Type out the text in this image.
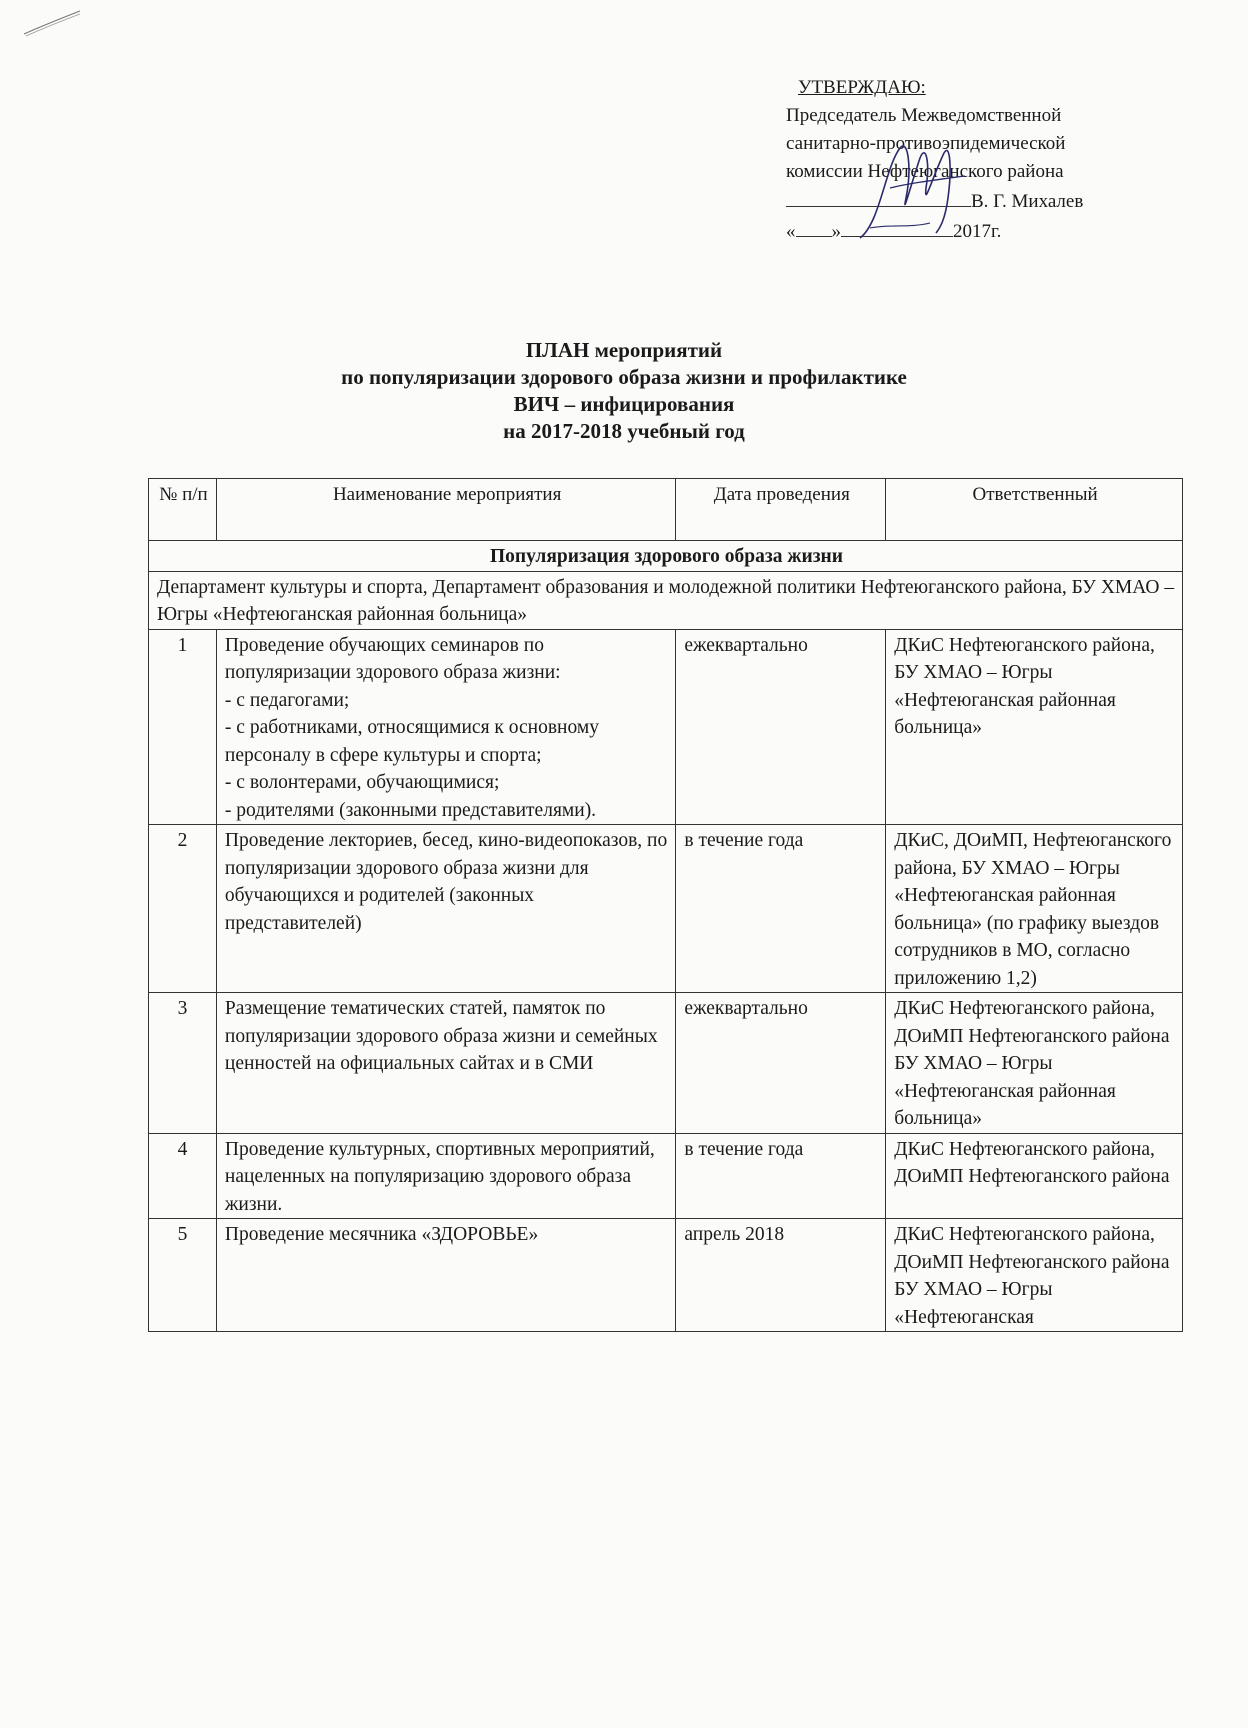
УТВЕРЖДАЮ:
Председатель Межведомственной
санитарно-противоэпидемической
комиссии Нефтеюганского района
В. Г. Михалев
« »	2017г.
ПЛАН мероприятий
по популяризации здорового образа жизни и профилактике
ВИЧ – инфицирования
на 2017-2018 учебный год
№ п/п	Наименование мероприятия	Дата проведения	Ответственный
Популяризация здорового образа жизни			
Департамент культуры и спорта, Департамент образования и молодежной политики Нефтеюганского района, БУ ХМАО – Югры «Нефтеюганская районная больница»			
1	Проведение обучающих семинаров по популяризации здорового образа жизни:
- с педагогами;
- с работниками, относящимися к основному персоналу в сфере культуры и спорта;
- с волонтерами, обучающимися;
- родителями (законными представителями).	ежеквартально	ДКиС Нефтеюганского района, БУ ХМАО – Югры «Нефтеюганская районная больница»
2	Проведение лекториев, бесед, кино-видеопоказов, по популяризации здорового образа жизни для обучающихся и родителей (законных представителей)	в течение года	ДКиС, ДОиМП, Нефтеюганского района, БУ ХМАО – Югры «Нефтеюганская районная больница» (по графику выездов сотрудников в МО, согласно приложению 1,2)
3	Размещение тематических статей, памяток по популяризации здорового образа жизни и семейных ценностей на официальных сайтах и в СМИ	ежеквартально	ДКиС Нефтеюганского района, ДОиМП Нефтеюганского района БУ ХМАО – Югры «Нефтеюганская районная больница»
4	Проведение культурных, спортивных мероприятий, нацеленных на популяризацию здорового образа жизни.	в течение года	ДКиС Нефтеюганского района, ДОиМП Нефтеюганского района
5	Проведение месячника «ЗДОРОВЬЕ»	апрель 2018	ДКиС Нефтеюганского района, ДОиМП Нефтеюганского района БУ ХМАО – Югры «Нефтеюганская
